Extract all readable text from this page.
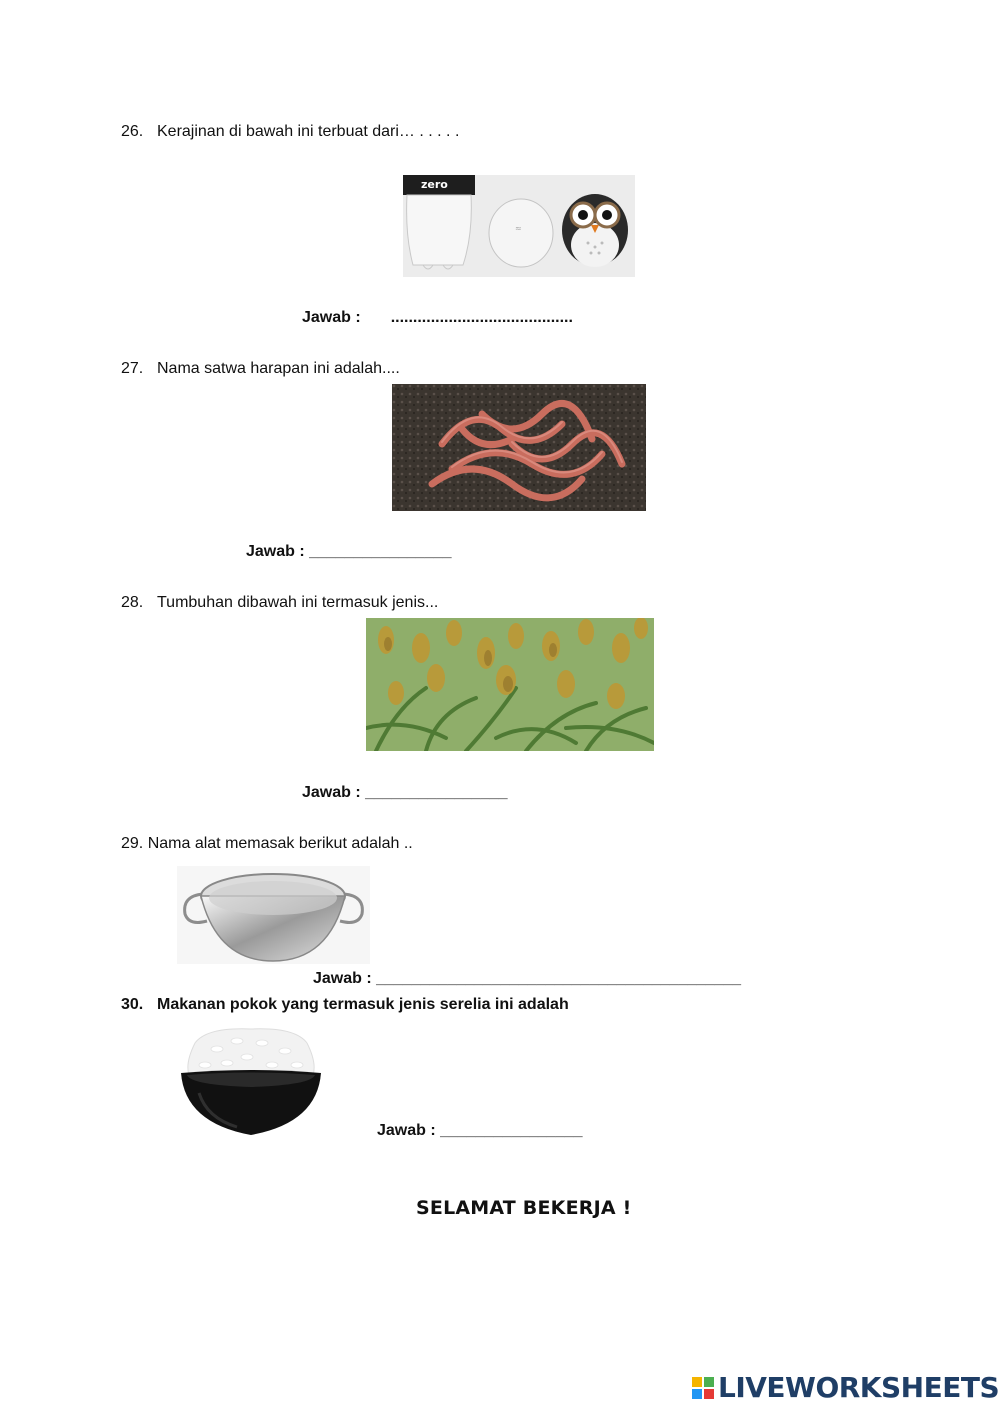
26. Kerajinan di bawah ini terbuat dari… . . . . .
zero
≈
Jawab : .........................................
27. Nama satwa harapan ini adalah....
Jawab : ________________
28. Tumbuhan dibawah ini termasuk jenis...
Jawab : ________________
29. Nama alat memasak berikut adalah ..
Jawab : _________________________________________
30. Makanan pokok yang termasuk jenis serelia ini adalah
Jawab : ________________
SELAMAT BEKERJA !
LIVEWORKSHEETS
